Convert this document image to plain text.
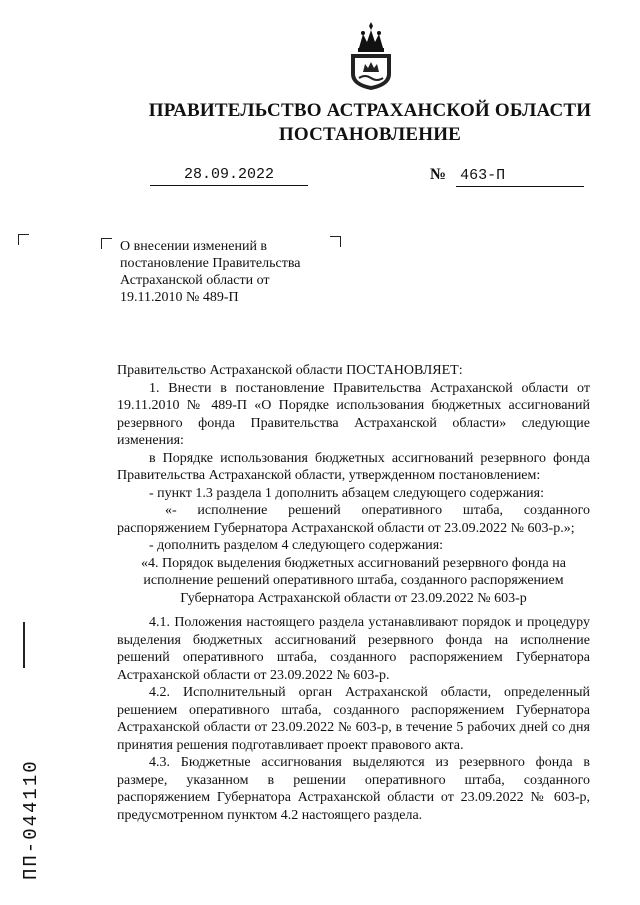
ПРАВИТЕЛЬСТВО АСТРАХАНСКОЙ ОБЛАСТИ
ПОСТАНОВЛЕНИЕ
28.09.2022	№ 463-П
О внесении изменений в постановление Правительства Астраханской области от 19.11.2010 № 489-П

Правительство Астраханской области ПОСТАНОВЛЯЕТ:

1. Внести в постановление Правительства Астраханской области от 19.11.2010 № 489-П «О Порядке использования бюджетных ассигнований резервного фонда Правительства Астраханской области» следующие изменения:

в Порядке использования бюджетных ассигнований резервного фонда Правительства Астраханской области, утвержденном постановлением:

- пункт 1.3 раздела 1 дополнить абзацем следующего содержания:

«- исполнение решений оперативного штаба, созданного распоряжением Губернатора Астраханской области от 23.09.2022 № 603-р.»;

- дополнить разделом 4 следующего содержания:

«4. Порядок выделения бюджетных ассигнований резервного фонда на исполнение решений оперативного штаба, созданного распоряжением Губернатора Астраханской области от 23.09.2022 № 603-р

4.1. Положения настоящего раздела устанавливают порядок и процедуру выделения бюджетных ассигнований резервного фонда на исполнение решений оперативного штаба, созданного распоряжением Губернатора Астраханской области от 23.09.2022 № 603-р.

4.2. Исполнительный орган Астраханской области, определенный решением оперативного штаба, созданного распоряжением Губернатора Астраханской области от 23.09.2022 № 603-р, в течение 5 рабочих дней со дня принятия решения подготавливает проект правового акта.

4.3. Бюджетные ассигнования выделяются из резервного фонда в размере, указанном в решении оперативного штаба, созданного распоряжением Губернатора Астраханской области от 23.09.2022 № 603-р, предусмотренном пунктом 4.2 настоящего раздела.

ПП-044110
